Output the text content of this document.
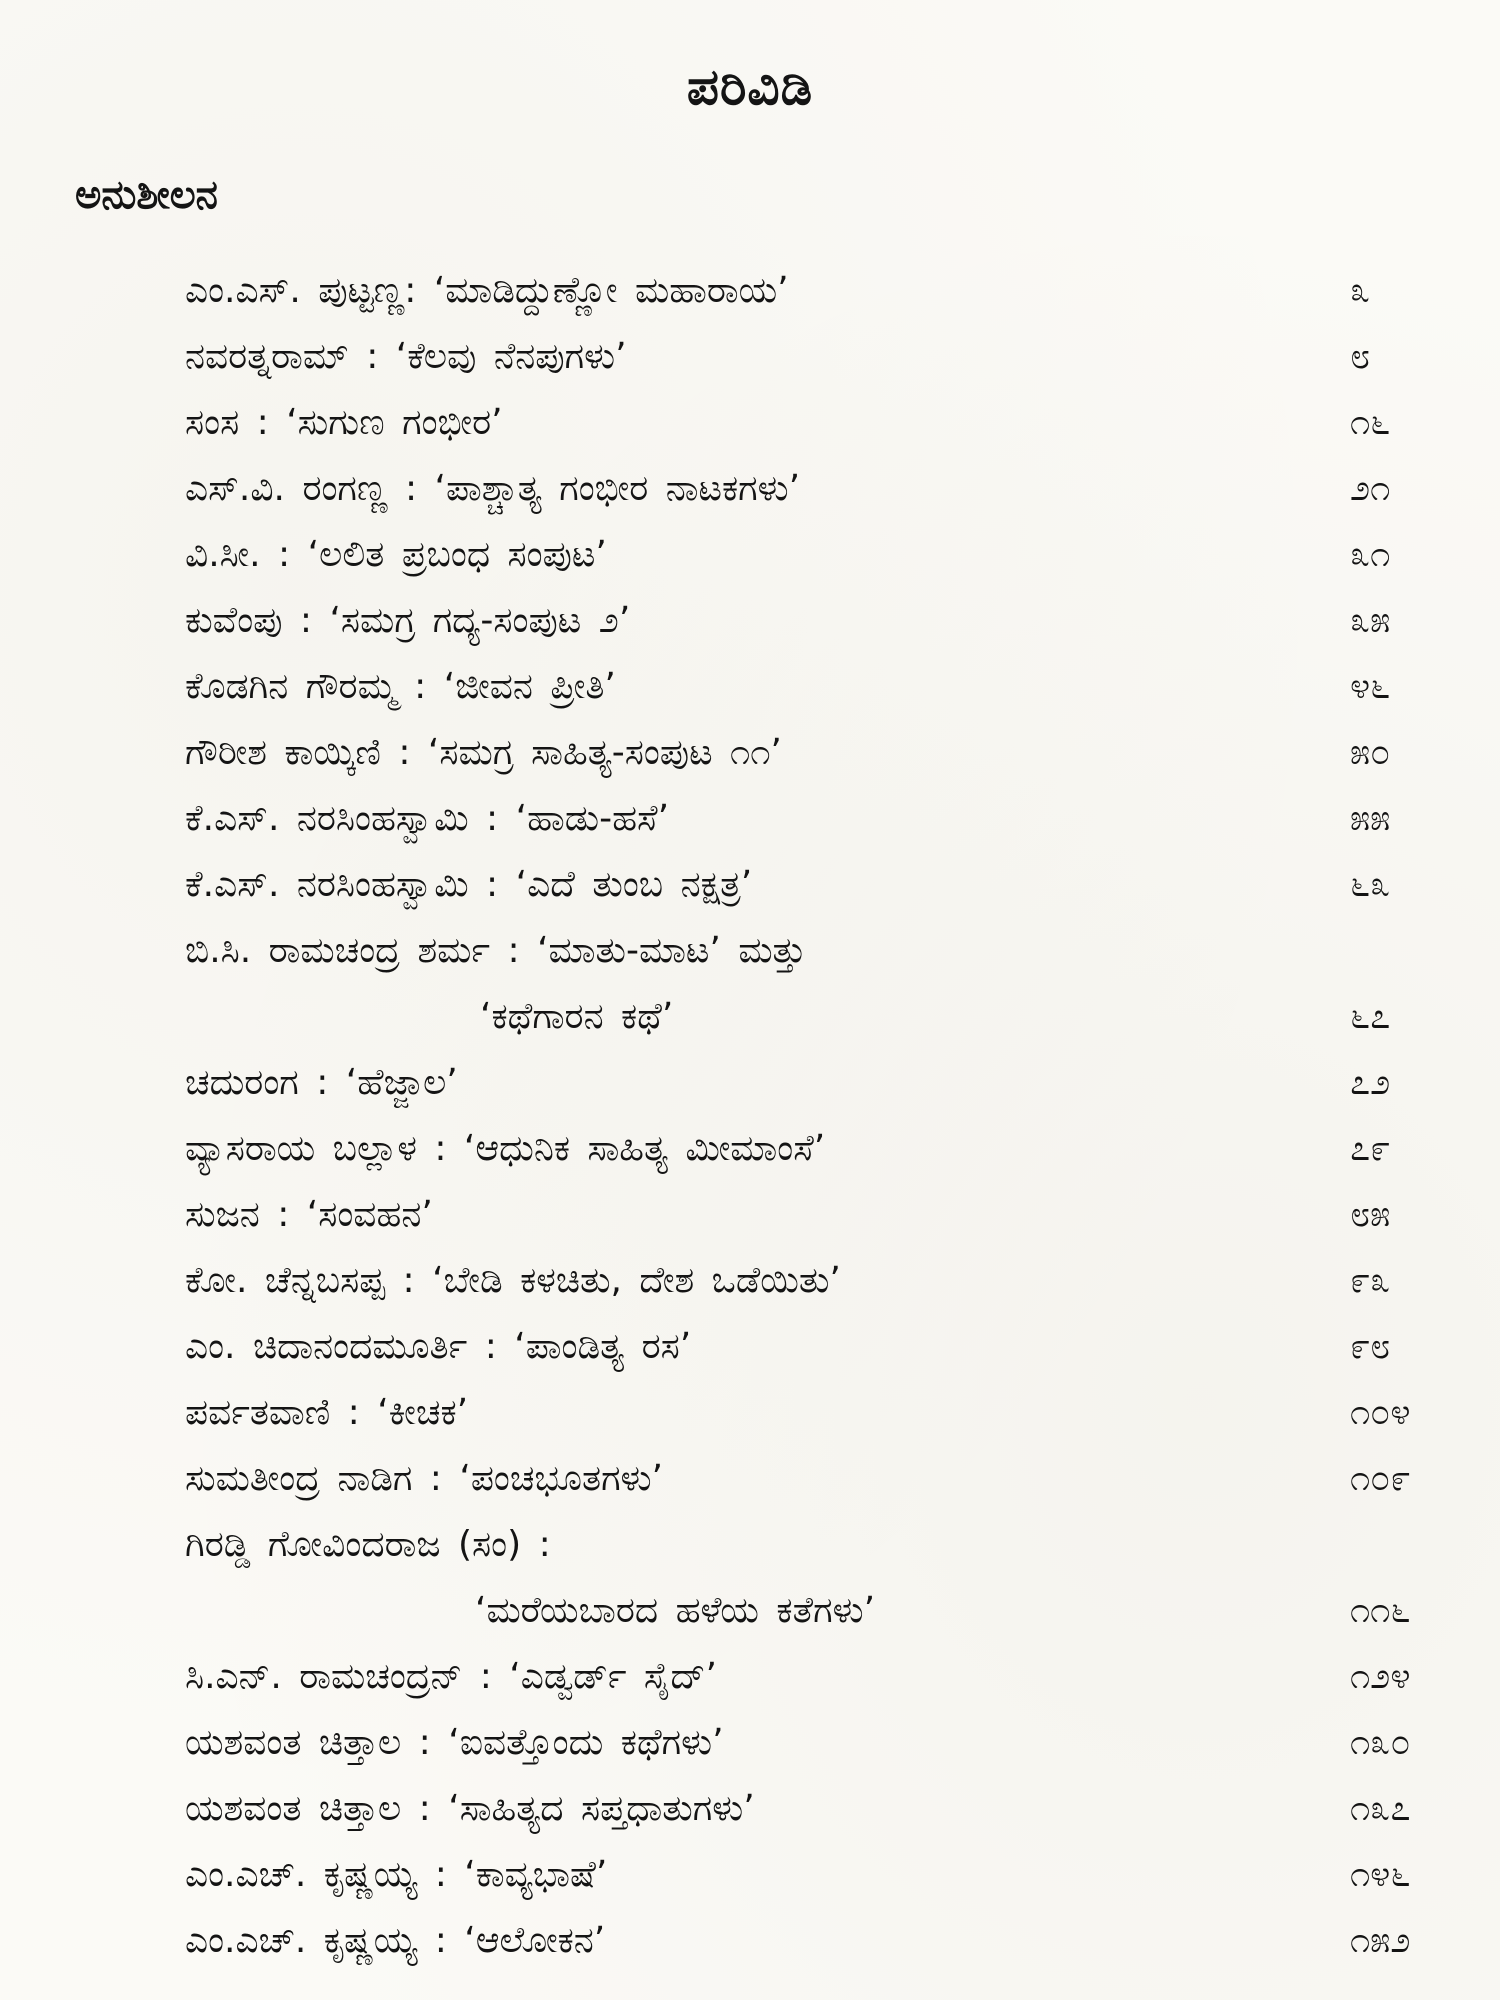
ಪರಿವಿಡಿ
ಅನುಶೀಲನ
ಎಂ.ಎಸ್. ಪುಟ್ಟಣ್ಣ: ‘ಮಾಡಿದ್ದುಣ್ಣೋ ಮಹಾರಾಯ’	೩
ನವರತ್ನರಾಮ್ : ‘ಕೆಲವು ನೆನಪುಗಳು’	೮
ಸಂಸ : ‘ಸುಗುಣ ಗಂಭೀರ’	೧೬
ಎಸ್.ವಿ. ರಂಗಣ್ಣ : ‘ಪಾಶ್ಚಾತ್ಯ ಗಂಭೀರ ನಾಟಕಗಳು’	೨೧
ವಿ.ಸೀ. : ‘ಲಲಿತ ಪ್ರಬಂಧ ಸಂಪುಟ’	೩೧
ಕುವೆಂಪು : ‘ಸಮಗ್ರ ಗದ್ಯ-ಸಂಪುಟ ೨’	೩೫
ಕೊಡಗಿನ ಗೌರಮ್ಮ : ‘ಜೀವನ ಪ್ರೀತಿ’	೪೬
ಗೌರೀಶ ಕಾಯ್ಕಿಣಿ : ‘ಸಮಗ್ರ ಸಾಹಿತ್ಯ-ಸಂಪುಟ ೧೧’	೫೦
ಕೆ.ಎಸ್. ನರಸಿಂಹಸ್ವಾಮಿ : ‘ಹಾಡು-ಹಸೆ’	೫೫
ಕೆ.ಎಸ್. ನರಸಿಂಹಸ್ವಾಮಿ : ‘ಎದೆ ತುಂಬ ನಕ್ಷತ್ರ’	೬೩
ಬಿ.ಸಿ. ರಾಮಚಂದ್ರ ಶರ್ಮ : ‘ಮಾತು-ಮಾಟ’ ಮತ್ತು
‘ಕಥೆಗಾರನ ಕಥೆ’	೬೭
ಚದುರಂಗ : ‘ಹೆಜ್ಜಾಲ’	೭೨
ವ್ಯಾಸರಾಯ ಬಲ್ಲಾಳ : ‘ಆಧುನಿಕ ಸಾಹಿತ್ಯ ಮೀಮಾಂಸೆ’	೭೯
ಸುಜನ : ‘ಸಂವಹನ’	೮೫
ಕೋ. ಚೆನ್ನಬಸಪ್ಪ : ‘ಬೇಡಿ ಕಳಚಿತು, ದೇಶ ಒಡೆಯಿತು’	೯೩
ಎಂ. ಚಿದಾನಂದಮೂರ್ತಿ : ‘ಪಾಂಡಿತ್ಯ ರಸ’	೯೮
ಪರ್ವತವಾಣಿ : ‘ಕೀಚಕ’	೧೦೪
ಸುಮತೀಂದ್ರ ನಾಡಿಗ : ‘ಪಂಚಭೂತಗಳು’	೧೦೯
ಗಿರಡ್ಡಿ ಗೋವಿಂದರಾಜ (ಸಂ) :
‘ಮರೆಯಬಾರದ ಹಳೆಯ ಕತೆಗಳು’	೧೧೬
ಸಿ.ಎನ್. ರಾಮಚಂದ್ರನ್ : ‘ಎಡ್ವರ್ಡ್ ಸೈದ್’	೧೨೪
ಯಶವಂತ ಚಿತ್ತಾಲ : ‘ಐವತ್ತೊಂದು ಕಥೆಗಳು’	೧೩೦
ಯಶವಂತ ಚಿತ್ತಾಲ : ‘ಸಾಹಿತ್ಯದ ಸಪ್ತಧಾತುಗಳು’	೧೩೭
ಎಂ.ಎಚ್. ಕೃಷ್ಣಯ್ಯ : ‘ಕಾವ್ಯಭಾಷೆ’	೧೪೬
ಎಂ.ಎಚ್. ಕೃಷ್ಣಯ್ಯ : ‘ಆಲೋಕನ’	೧೫೨
